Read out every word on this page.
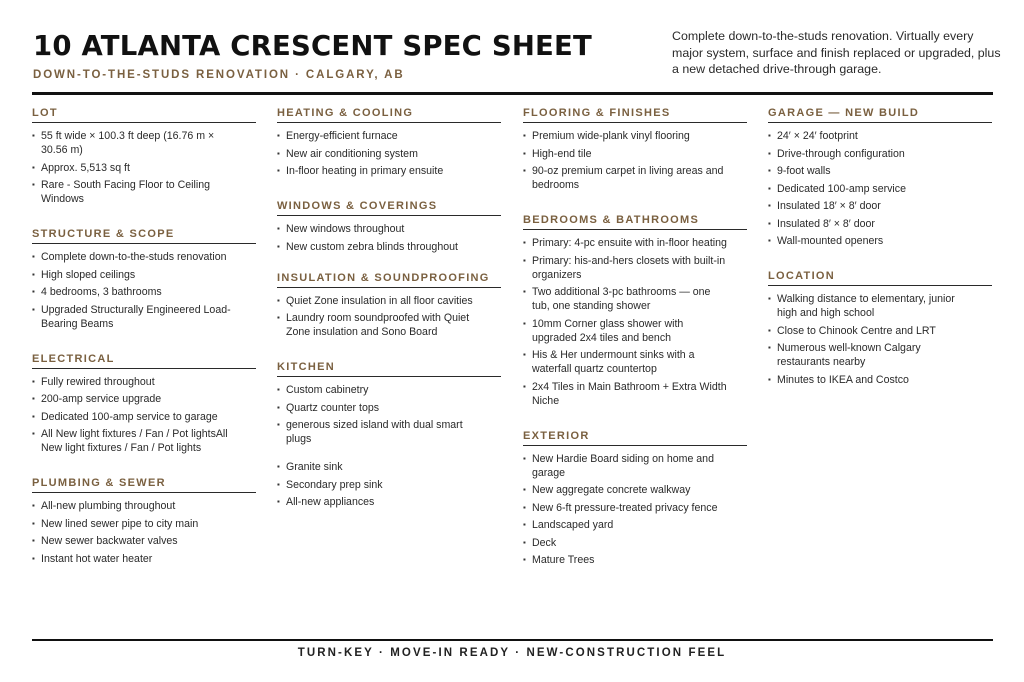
10 ATLANTA CRESCENT SPEC SHEET
DOWN-TO-THE-STUDS RENOVATION · CALGARY, AB
Complete down-to-the-studs renovation. Virtually every major system, surface and finish replaced or upgraded, plus a new detached drive-through garage.
LOT
▪ 55 ft wide × 100.3 ft deep (16.76 m × 30.56 m)
▪ Approx. 5,513 sq ft
▪ Rare - South Facing Floor to Ceiling Windows
STRUCTURE & SCOPE
▪ Complete down-to-the-studs renovation
▪ High sloped ceilings
▪ 4 bedrooms, 3 bathrooms
▪ Upgraded Structurally Engineered Load-Bearing Beams
ELECTRICAL
▪ Fully rewired throughout
▪ 200-amp service upgrade
▪ Dedicated 100-amp service to garage
▪ All New light fixtures / Fan / Pot lightsAll New light fixtures / Fan / Pot lights
PLUMBING & SEWER
▪ All-new plumbing throughout
▪ New lined sewer pipe to city main
▪ New sewer backwater valves
▪ Instant hot water heater
HEATING & COOLING
▪ Energy-efficient furnace
▪ New air conditioning system
▪ In-floor heating in primary ensuite
WINDOWS & COVERINGS
▪ New windows throughout
▪ New custom zebra blinds throughout
INSULATION & SOUNDPROOFING
▪ Quiet Zone insulation in all floor cavities
▪ Laundry room soundproofed with Quiet Zone insulation and Sono Board
KITCHEN
▪ Custom cabinetry
▪ Quartz counter tops
▪ generous sized island with dual smart plugs
▪ Granite sink
▪ Secondary prep sink
▪ All-new appliances
FLOORING & FINISHES
▪ Premium wide-plank vinyl flooring
▪ High-end tile
▪ 90-oz premium carpet in living areas and bedrooms
BEDROOMS & BATHROOMS
▪ Primary: 4-pc ensuite with in-floor heating
▪ Primary: his-and-hers closets with built-in organizers
▪ Two additional 3-pc bathrooms — one tub, one standing shower
▪ 10mm Corner glass shower with upgraded 2x4 tiles and bench
▪ His & Her undermount sinks with a waterfall quartz countertop
▪ 2x4 Tiles in Main Bathroom + Extra Width Niche
EXTERIOR
▪ New Hardie Board siding on home and garage
▪ New aggregate concrete walkway
▪ New 6-ft pressure-treated privacy fence
▪ Landscaped yard
▪ Deck
▪ Mature Trees
GARAGE — NEW BUILD
▪ 24′ × 24′ footprint
▪ Drive-through configuration
▪ 9-foot walls
▪ Dedicated 100-amp service
▪ Insulated 18′ × 8′ door
▪ Insulated 8′ × 8′ door
▪ Wall-mounted openers
LOCATION
▪ Walking distance to elementary, junior high and high school
▪ Close to Chinook Centre and LRT
▪ Numerous well-known Calgary restaurants nearby
▪ Minutes to IKEA and Costco
TURN-KEY · MOVE-IN READY · NEW-CONSTRUCTION FEEL
